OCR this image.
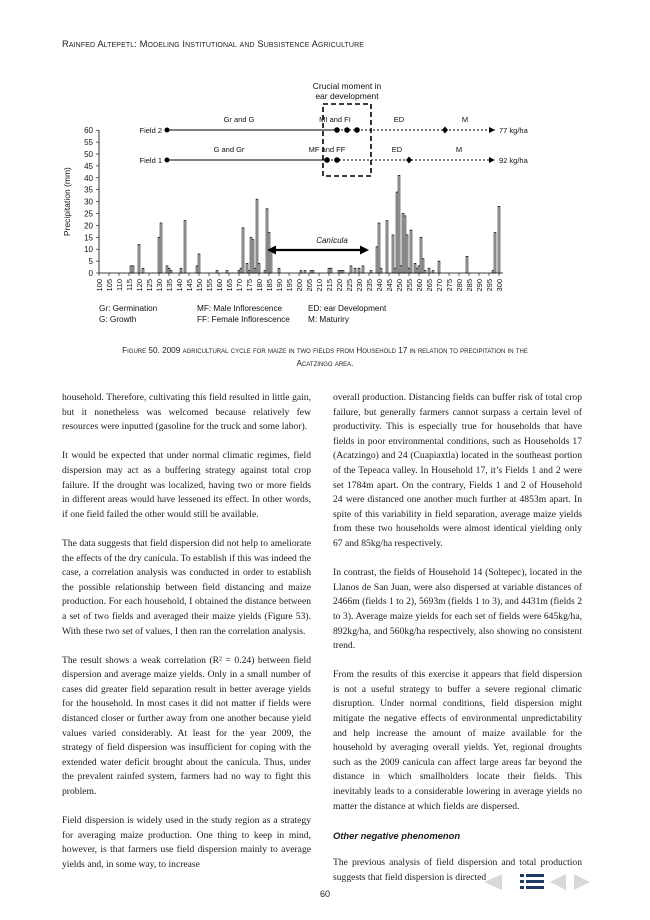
Rainfed Altepetl: Modeling Institutional and Subsistence Agriculture
0
5
10
15
20
25
30
35
40
45
50
55
60
100 105 110 115 120 125 130 135 140 145 150 155 160 165 170 175 180 185 190 195 200 205 210 215 220 225 230 235 240 245 250 255 260 265 270 275 280 285 290 295 300
Precipitation (mm)
Crucial moment in
ear development
Field 2
Gr and G	MI and FI	ED	M
77 kg/ha
Field 1
G and Gr	MF and FF	ED	M
92 kg/ha
Canícula
Gr: Germination	MF: Male Inflorescence	ED: ear Development
G: Growth	FF: Female Inflorescence M: Maturiry
Figure 50. 2009 agricultural cycle for maize in two fields from Household 17 in relation to precipitation in the
Acatzingo area.

household. Therefore, cultivating this field resulted in little gain, but it nonetheless was welcomed because relatively few resources were inputted (gasoline for the truck and some labor).

It would be expected that under normal climatic regimes, field dispersion may act as a buffering strategy against total crop failure. If the drought was localized, having two or more fields in different areas would have lessened its effect. In other words, if one field failed the other would still be available.

The data suggests that field dispersion did not help to ameliorate the effects of the dry canícula. To establish if this was indeed the case, a correlation analysis was conducted in order to establish the possible relationship between field distancing and maize production. For each household, I obtained the distance between a set of two fields and averaged their maize yields (Figure 53). With these two set of values, I then ran the correlation analysis.

The result shows a weak correlation (R² = 0.24) between field dispersion and average maize yields. Only in a small number of cases did greater field separation result in better average yields for the household. In most cases it did not matter if fields were distanced closer or further away from one another because yield values varied considerably. At least for the year 2009, the strategy of field dispersion was insufficient for coping with the extended water deficit brought about the canícula. Thus, under the prevalent rainfed system, farmers had no way to fight this problem.

Field dispersion is widely used in the study region as a strategy for averaging maize production. One thing to keep in mind, however, is that farmers use field dispersion mainly to average yields and, in some way, to increase

overall production. Distancing fields can buffer risk of total crop failure, but generally farmers cannot surpass a certain level of productivity. This is especially true for households that have fields in poor environmental conditions, such as Households 17 (Acatzingo) and 24 (Cuapiaxtla) located in the southeast portion of the Tepeaca valley. In Household 17, it’s Fields 1 and 2 were set 1784m apart. On the contrary, Fields 1 and 2 of Household 24 were distanced one another much further at 4853m apart. In spite of this variability in field separation, average maize yields from these two households were almost identical yielding only 67 and 85kg/ha respectively.

In contrast, the fields of Household 14 (Soltepec), located in the Llanos de San Juan, were also dispersed at variable distances of 2466m (fields 1 to 2), 5693m (fields 1 to 3), and 4431m (fields 2 to 3). Average maize yields for each set of fields were 645kg/ha, 892kg/ha, and 560kg/ha respectively, also showing no consistent trend.

From the results of this exercise it appears that field dispersion is not a useful strategy to buffer a severe regional climatic disruption. Under normal conditions, field dispersion might mitigate the negative effects of environmental unpredictability and help increase the amount of maize available for the household by averaging overall yields. Yet, regional droughts such as the 2009 canícula can affect large areas far beyond the distance in which smallholders locate their fields. This inevitably leads to a considerable lowering in average yields no matter the distance at which fields are dispersed.

Other negative phenomenon

The previous analysis of field dispersion and total production suggests that field dispersion is directed

60
